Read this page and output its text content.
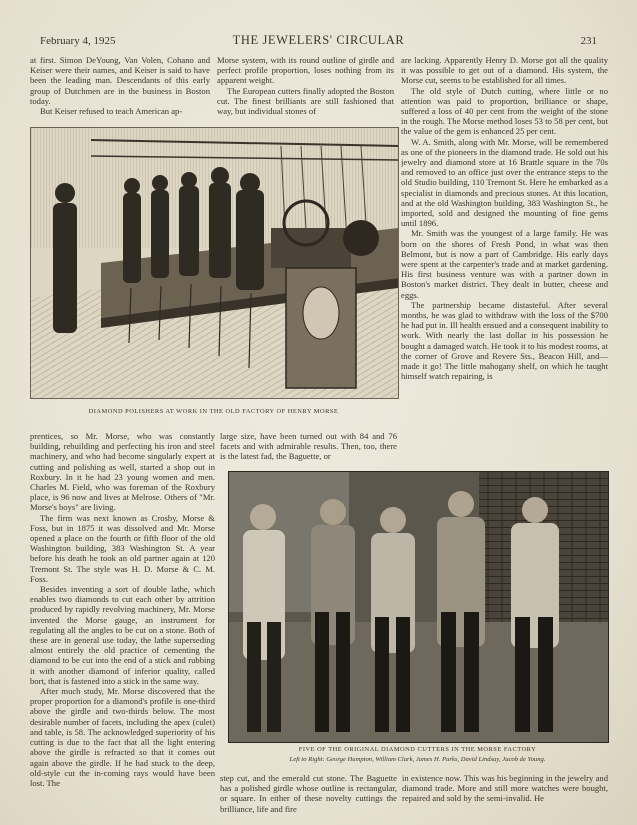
February 4, 1925	THE JEWELERS' CIRCULAR	231

at first. Simon DeYoung, Van Volen, Cohano and Keiser were their names, and Keiser is said to have been the leading man. Descendants of this early group of Dutchmen are in the business in Boston today.

But Keiser refused to teach American ap-

Morse system, with its round outline of girdle and perfect profile proportion, loses nothing from its apparent weight.

The European cutters finally adopted the Boston cut. The finest brilliants are still fashioned that way, but individual stones of

are lacking. Apparently Henry D. Morse got all the quality it was possible to get out of a diamond. His system, the Morse cut, seems to be established for all times.

The old style of Dutch cutting, where little or no attention was paid to proportion, brilliance or shape, suffered a loss of 40 per cent from the weight of the stone in the rough. The Morse method loses 53 to 58 per cent, but the value of the gem is enhanced 25 per cent.

W. A. Smith, along with Mr. Morse, will be remembered as one of the pioneers in the diamond trade. He sold out his jewelry and diamond store at 16 Brattle square in the 70s and removed to an office just over the entrance steps to the old Studio building, 110 Tremont St. Here he embarked as a specialist in diamonds and precious stones. At this location, and at the old Washington building, 383 Washington St., he imported, sold and designed the mounting of fine gems until 1896.

Mr. Smith was the youngest of a large family. He was born on the shores of Fresh Pond, in what was then Belmont, but is now a part of Cambridge. His early days were spent at the carpenter's trade and at market gardening. His first business venture was with a partner down in Boston's market district. They dealt in butter, cheese and eggs.

The partnership became distasteful. After several months, he was glad to withdraw with the loss of the $700 he had put in. Ill health ensued and a consequent inability to work. With nearly the last dollar in his possession he bought a damaged watch. He took it to his modest rooms, at the corner of Grove and Revere Sts., Beacon Hill, and—made it go! The little mahogany shelf, on which he taught himself watch repairing, is

DIAMOND POLISHERS AT WORK IN THE OLD FACTORY OF HENRY MORSE

prentices, so Mr. Morse, who was constantly building, rebuilding and perfecting his iron and steel machinery, and who had become singularly expert at cutting and polishing as well, started a shop out in Roxbury. In it he had 23 young women and men. Charles M. Field, who was foreman of the Roxbury place, is 96 now and lives at Melrose. Others of "Mr. Morse's boys" are living.

The firm was next known as Crosby, Morse & Foss, but in 1875 it was dissolved and Mr. Morse opened a place on the fourth or fifth floor of the old Washington building, 383 Washington St. A year before his death he took an old partner again at 120 Tremont St. The style was H. D. Morse & C. M. Foss.

Besides inventing a sort of double lathe, which enables two diamonds to cut each other by attrition produced by rapidly revolving machinery, Mr. Morse invented the Morse gauge, an instrument for regulating all the angles to be cut on a stone. Both of these are in general use today, the lathe superseding almost entirely the old practice of cementing the diamond to be cut into the end of a stick and rubbing it with another diamond of inferior quality, called bort, that is fastened into a stick in the same way.

After much study, Mr. Morse discovered that the proper proportion for a diamond's profile is one-third above the girdle and two-thirds below. The most desirable number of facets, including the apex (culet) and table, is 58. The acknowledged superiority of his cutting is due to the fact that all the light entering above the girdle is refracted so that it comes out again above the girdle. If he had stuck to the deep, old-style cut the in-coming rays would have been lost. The

large size, have been turned out with 84 and 76 facets and with admirable results. Then, too, there is the latest fad, the Baguette, or

FIVE OF THE ORIGINAL DIAMOND CUTTERS IN THE MORSE FACTORY
Left to Right: George Hampton, William Clark, James H. Parks, David Lindsay, Jacob de Young.

step cut, and the emerald cut stone. The Baguette has a polished girdle whose outline is rectangular, or square. In either of these novelty cuttings the brilliance, life and fire

in existence now. This was his beginning in the jewelry and diamond trade. More and still more watches were bought, repaired and sold by the semi-invalid. He
